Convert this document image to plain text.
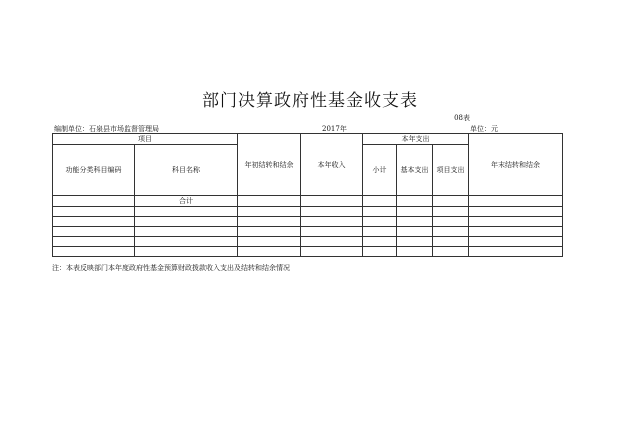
部门决算政府性基金收支表
08表
编制单位：石泉县市场监督管理局	2017年	单位：元
项目		年初结转和结余	本年收入	本年支出			年末结转和结余
功能分类科目编码	科目名称			小计	基本支出	项目支出	
	合计						

注：本表反映部门本年度政府性基金预算财政拨款收入支出及结转和结余情况
